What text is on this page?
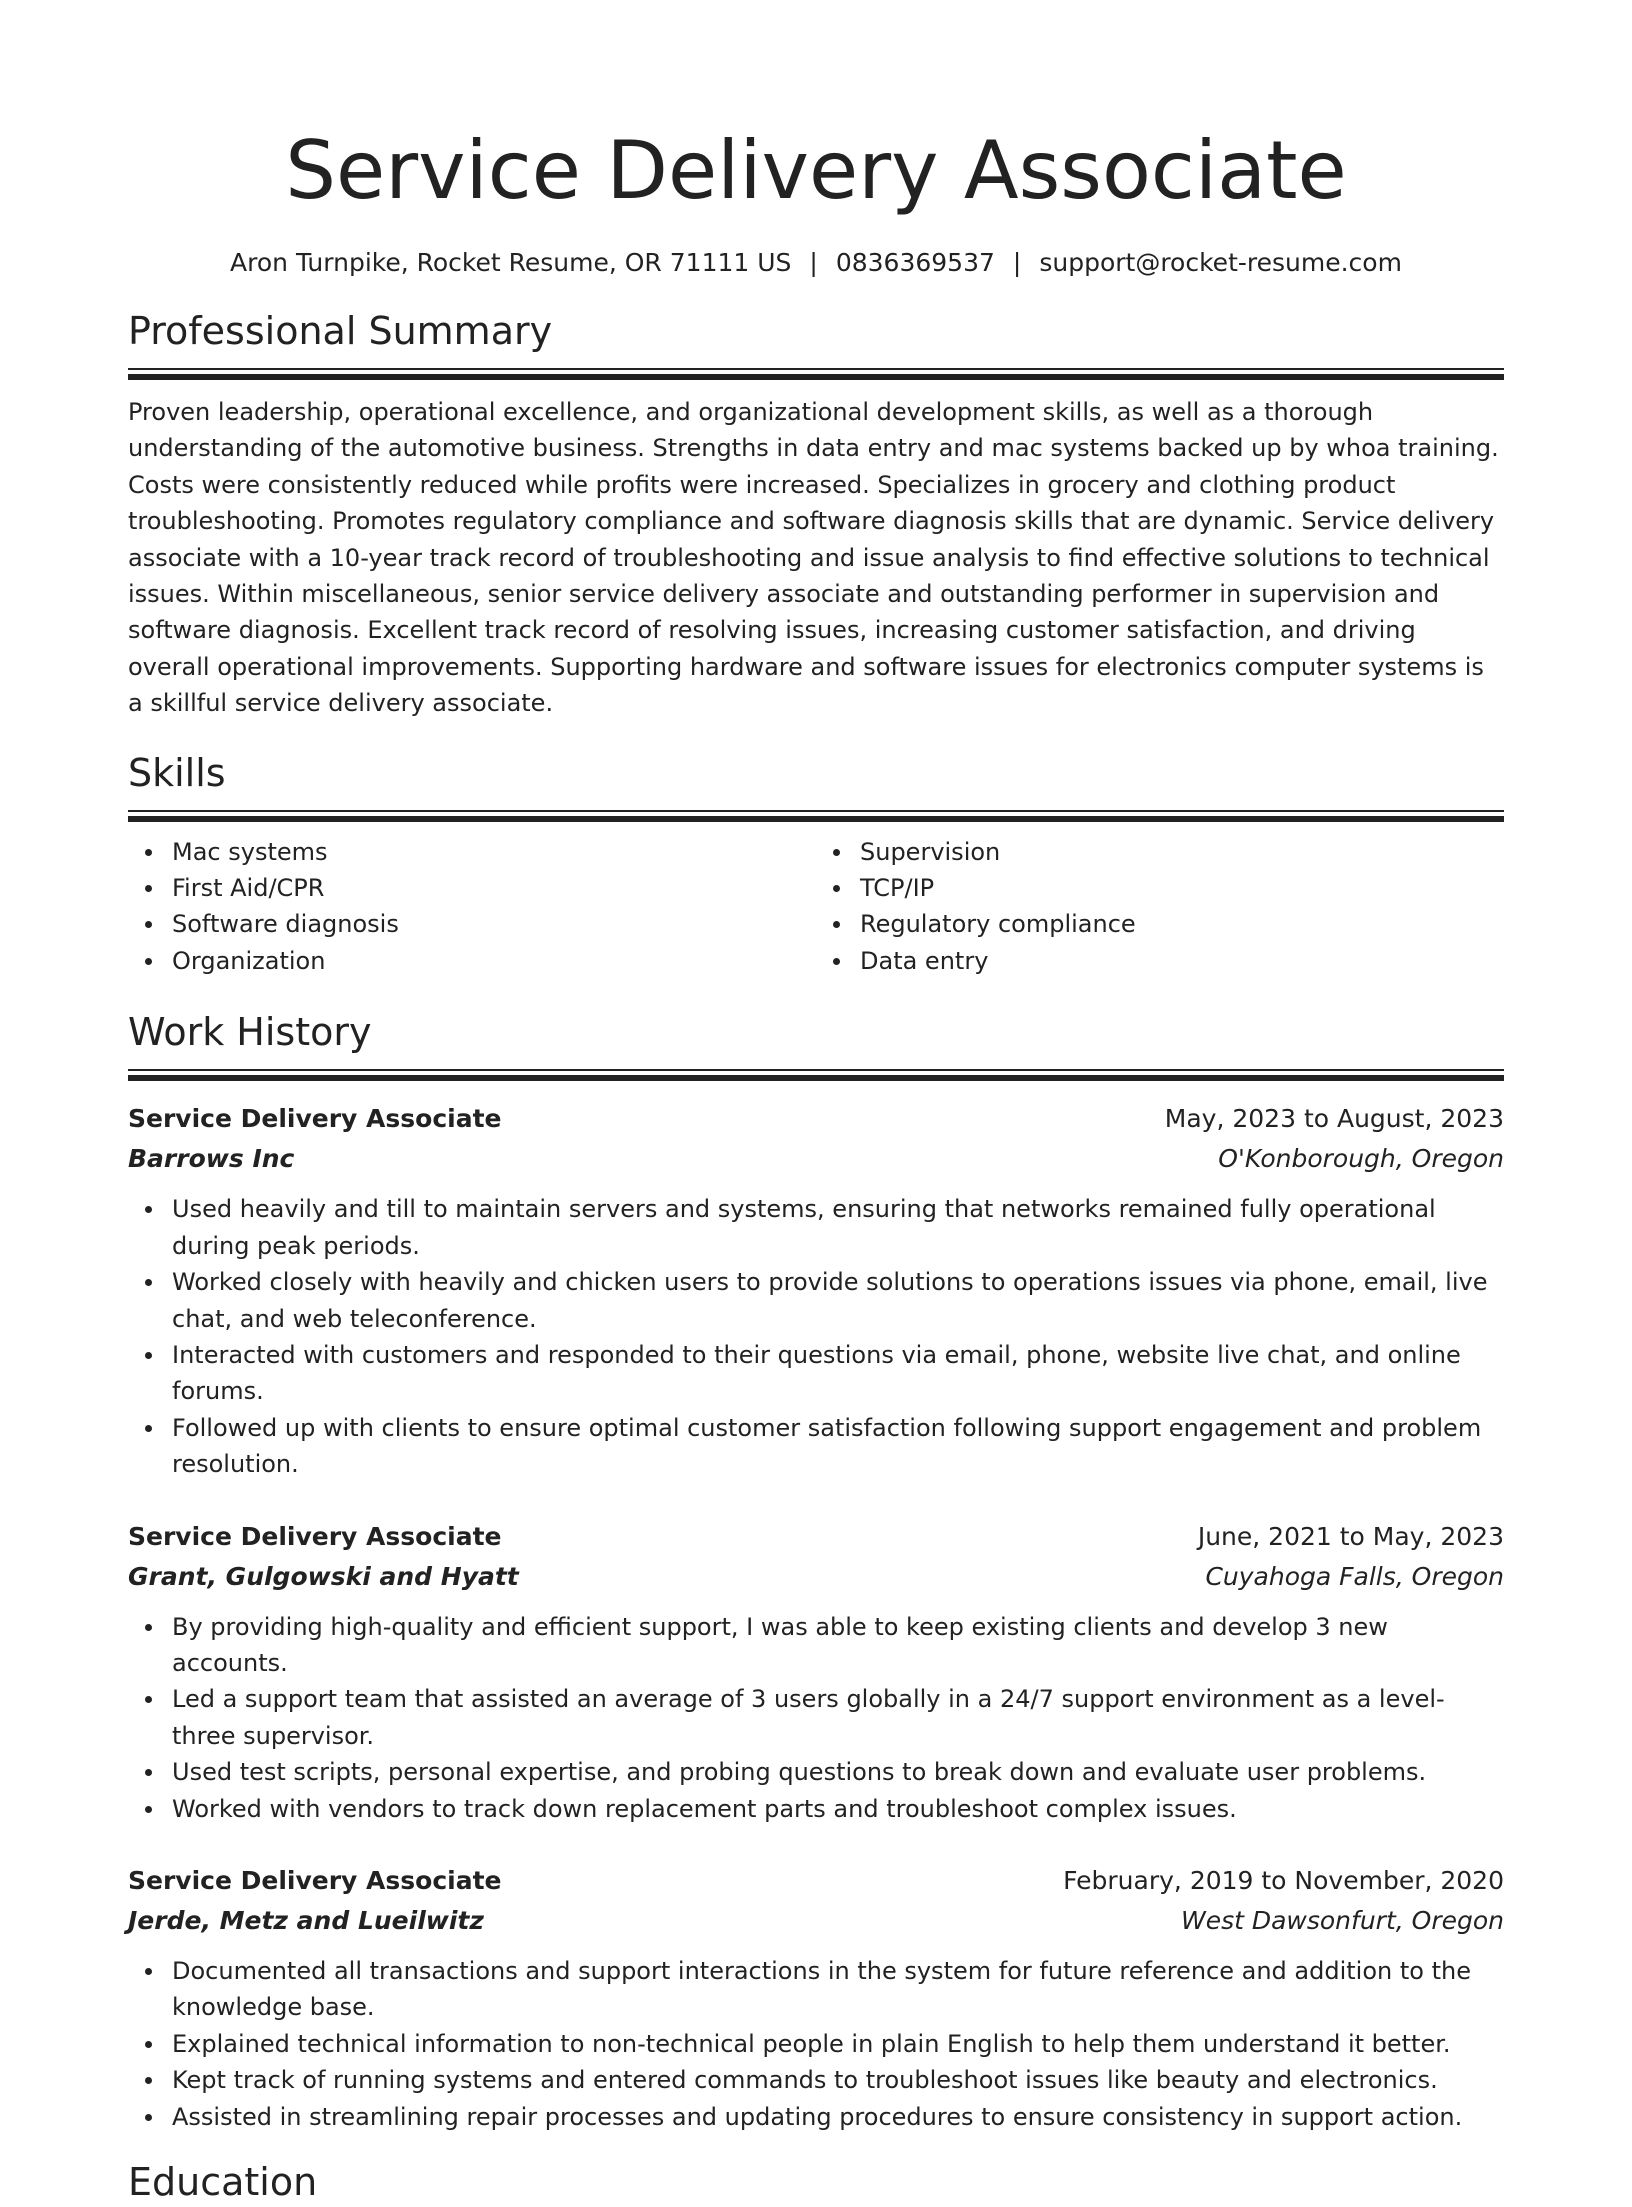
Service Delivery Associate
Aron Turnpike, Rocket Resume, OR 71111 US | 0836369537 | support@rocket-resume.com
Professional Summary
Proven leadership, operational excellence, and organizational development skills, as well as a thorough understanding of the automotive business. Strengths in data entry and mac systems backed up by whoa training. Costs were consistently reduced while profits were increased. Specializes in grocery and clothing product troubleshooting. Promotes regulatory compliance and software diagnosis skills that are dynamic. Service delivery associate with a 10-year track record of troubleshooting and issue analysis to find effective solutions to technical issues. Within miscellaneous, senior service delivery associate and outstanding performer in supervision and software diagnosis. Excellent track record of resolving issues, increasing customer satisfaction, and driving overall operational improvements. Supporting hardware and software issues for electronics computer systems is a skillful service delivery associate.
Skills
Mac systems
First Aid/CPR
Software diagnosis
Organization
Supervision
TCP/IP
Regulatory compliance
Data entry
Work History
Service Delivery Associate	May, 2023 to August, 2023
Barrows Inc	O'Konborough, Oregon
Used heavily and till to maintain servers and systems, ensuring that networks remained fully operational during peak periods.
Worked closely with heavily and chicken users to provide solutions to operations issues via phone, email, live chat, and web teleconference.
Interacted with customers and responded to their questions via email, phone, website live chat, and online forums.
Followed up with clients to ensure optimal customer satisfaction following support engagement and problem resolution.
Service Delivery Associate	June, 2021 to May, 2023
Grant, Gulgowski and Hyatt	Cuyahoga Falls, Oregon
By providing high-quality and efficient support, I was able to keep existing clients and develop 3 new accounts.
Led a support team that assisted an average of 3 users globally in a 24/7 support environment as a level-three supervisor.
Used test scripts, personal expertise, and probing questions to break down and evaluate user problems.
Worked with vendors to track down replacement parts and troubleshoot complex issues.
Service Delivery Associate	February, 2019 to November, 2020
Jerde, Metz and Lueilwitz	West Dawsonfurt, Oregon
Documented all transactions and support interactions in the system for future reference and addition to the knowledge base.
Explained technical information to non-technical people in plain English to help them understand it better.
Kept track of running systems and entered commands to troubleshoot issues like beauty and electronics.
Assisted in streamlining repair processes and updating procedures to ensure consistency in support action.
Education
